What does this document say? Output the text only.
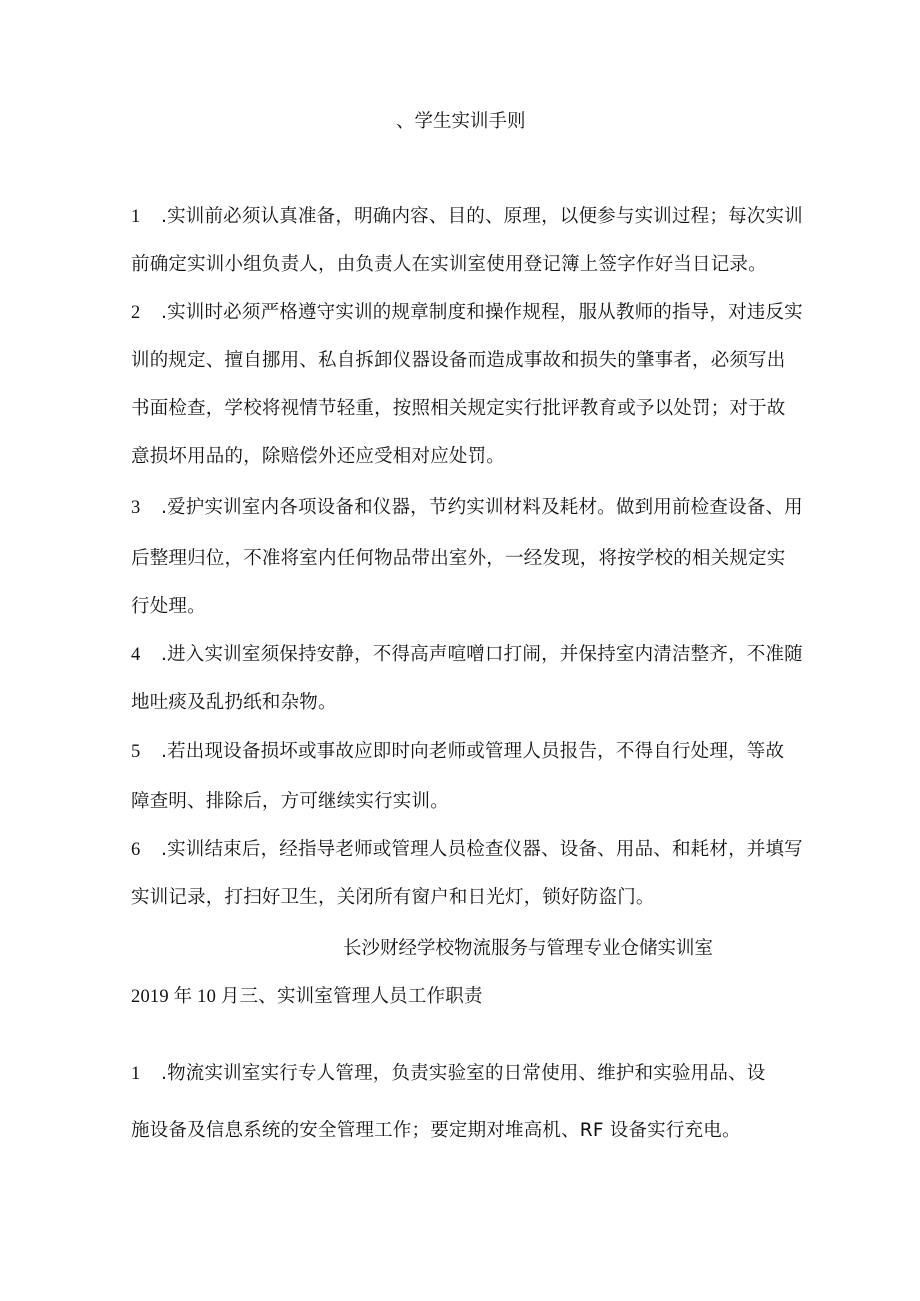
、学生实训手则
1 .实训前必须认真准备，明确内容、目的、原理，以便参与实训过程；每次实训
前确定实训小组负责人，由负责人在实训室使用登记簿上签字作好当日记录。
2 .实训时必须严格遵守实训的规章制度和操作规程，服从教师的指导，对违反实
训的规定、擅自挪用、私自拆卸仪器设备而造成事故和损失的肇事者，必须写出
书面检查，学校将视情节轻重，按照相关规定实行批评教育或予以处罚；对于故
意损坏用品的，除赔偿外还应受相对应处罚。
3 .爱护实训室内各项设备和仪器，节约实训材料及耗材。做到用前检查设备、用
后整理归位，不准将室内任何物品带出室外，一经发现，将按学校的相关规定实
行处理。
4 .进入实训室须保持安静，不得高声喧噌口打闹，并保持室内清洁整齐，不准随
地吐痰及乱扔纸和杂物。
5 .若出现设备损坏或事故应即时向老师或管理人员报告，不得自行处理，等故
障查明、排除后，方可继续实行实训。
6 .实训结束后，经指导老师或管理人员检查仪器、设备、用品、和耗材，并填写
实训记录，打扫好卫生，关闭所有窗户和日光灯，锁好防盗门。
长沙财经学校物流服务与管理专业仓储实训室
2019 年 10 月三、实训室管理人员工作职责
1 .物流实训室实行专人管理，负责实验室的日常使用、维护和实验用品、设
施设备及信息系统的安全管理工作；要定期对堆高机、RF 设备实行充电。
